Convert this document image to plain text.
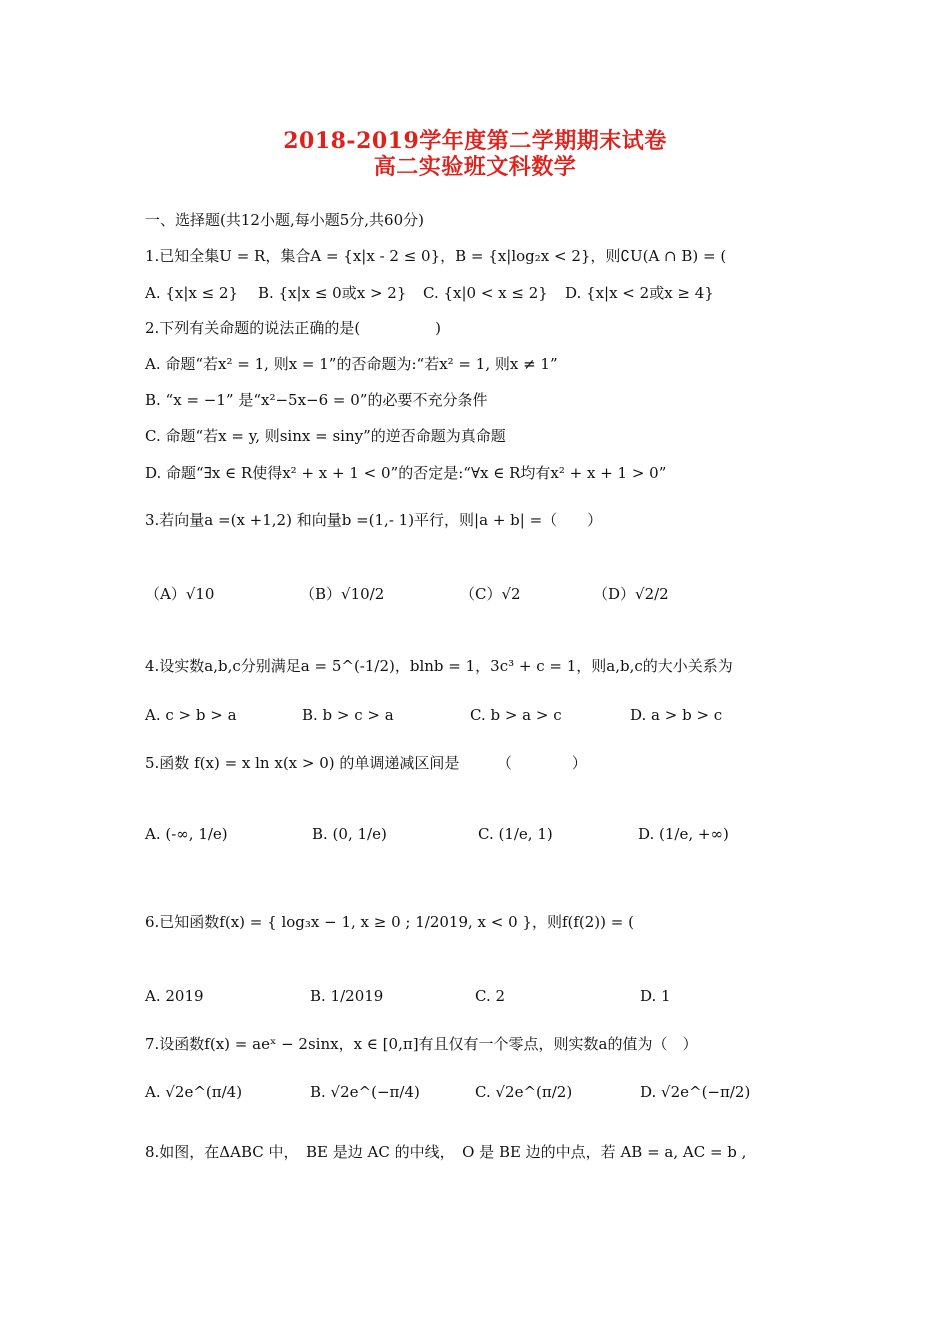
2018-2019学年度第二学期期末试卷
高二实验班文科数学
一、选择题(共12小题,每小题5分,共60分)
1.已知全集U = R，集合A = {x|x - 2 ≤ 0}，B = {x|log₂x < 2}，则∁U(A ∩ B) = (
A. {x|x ≤ 2} B. {x|x ≤ 0或x > 2} C. {x|0 < x ≤ 2} D. {x|x < 2或x ≥ 4}
2.下列有关命题的说法正确的是(　　　　　)
A. 命题“若x² = 1, 则x = 1”的否命题为:“若x² = 1, 则x ≠ 1”
B. “x = −1” 是“x²−5x−6 = 0”的必要不充分条件
C. 命题“若x = y, 则sinx = siny”的逆否命题为真命题
D. 命题“∃x ∈ R使得x² + x + 1 < 0”的否定是:“∀x ∈ R均有x² + x + 1 > 0”
3.若向量a =(x +1,2) 和向量b =(1,- 1)平行，则|a + b| =（　　）
（A）√10	（B）√10/2	（C）√2	（D）√2/2
4.设实数a,b,c分别满足a = 5^(-1/2)，blnb = 1，3c³ + c = 1，则a,b,c的大小关系为
A. c > b > a	B. b > c > a	C. b > a > c	D. a > b > c
5.函数 f(x) = x ln x(x > 0) 的单调递减区间是　　　（　　　　）
A. (-∞, 1/e)	B. (0, 1/e)	C. (1/e, 1)	D. (1/e, +∞)
6.已知函数f(x) = { log₃x − 1, x ≥ 0 ; 1/2019, x < 0 }，则f(f(2)) = (
A. 2019	B. 1/2019	C. 2	D. 1
7.设函数f(x) = aeˣ − 2sinx，x ∈ [0,π]有且仅有一个零点，则实数a的值为（　）
A. √2e^(π/4)	B. √2e^(−π/4)	C. √2e^(π/2)	D. √2e^(−π/2)
8.如图，在ΔABC 中，　BE 是边 AC 的中线，　O 是 BE 边的中点，若 AB = a, AC = b ,
